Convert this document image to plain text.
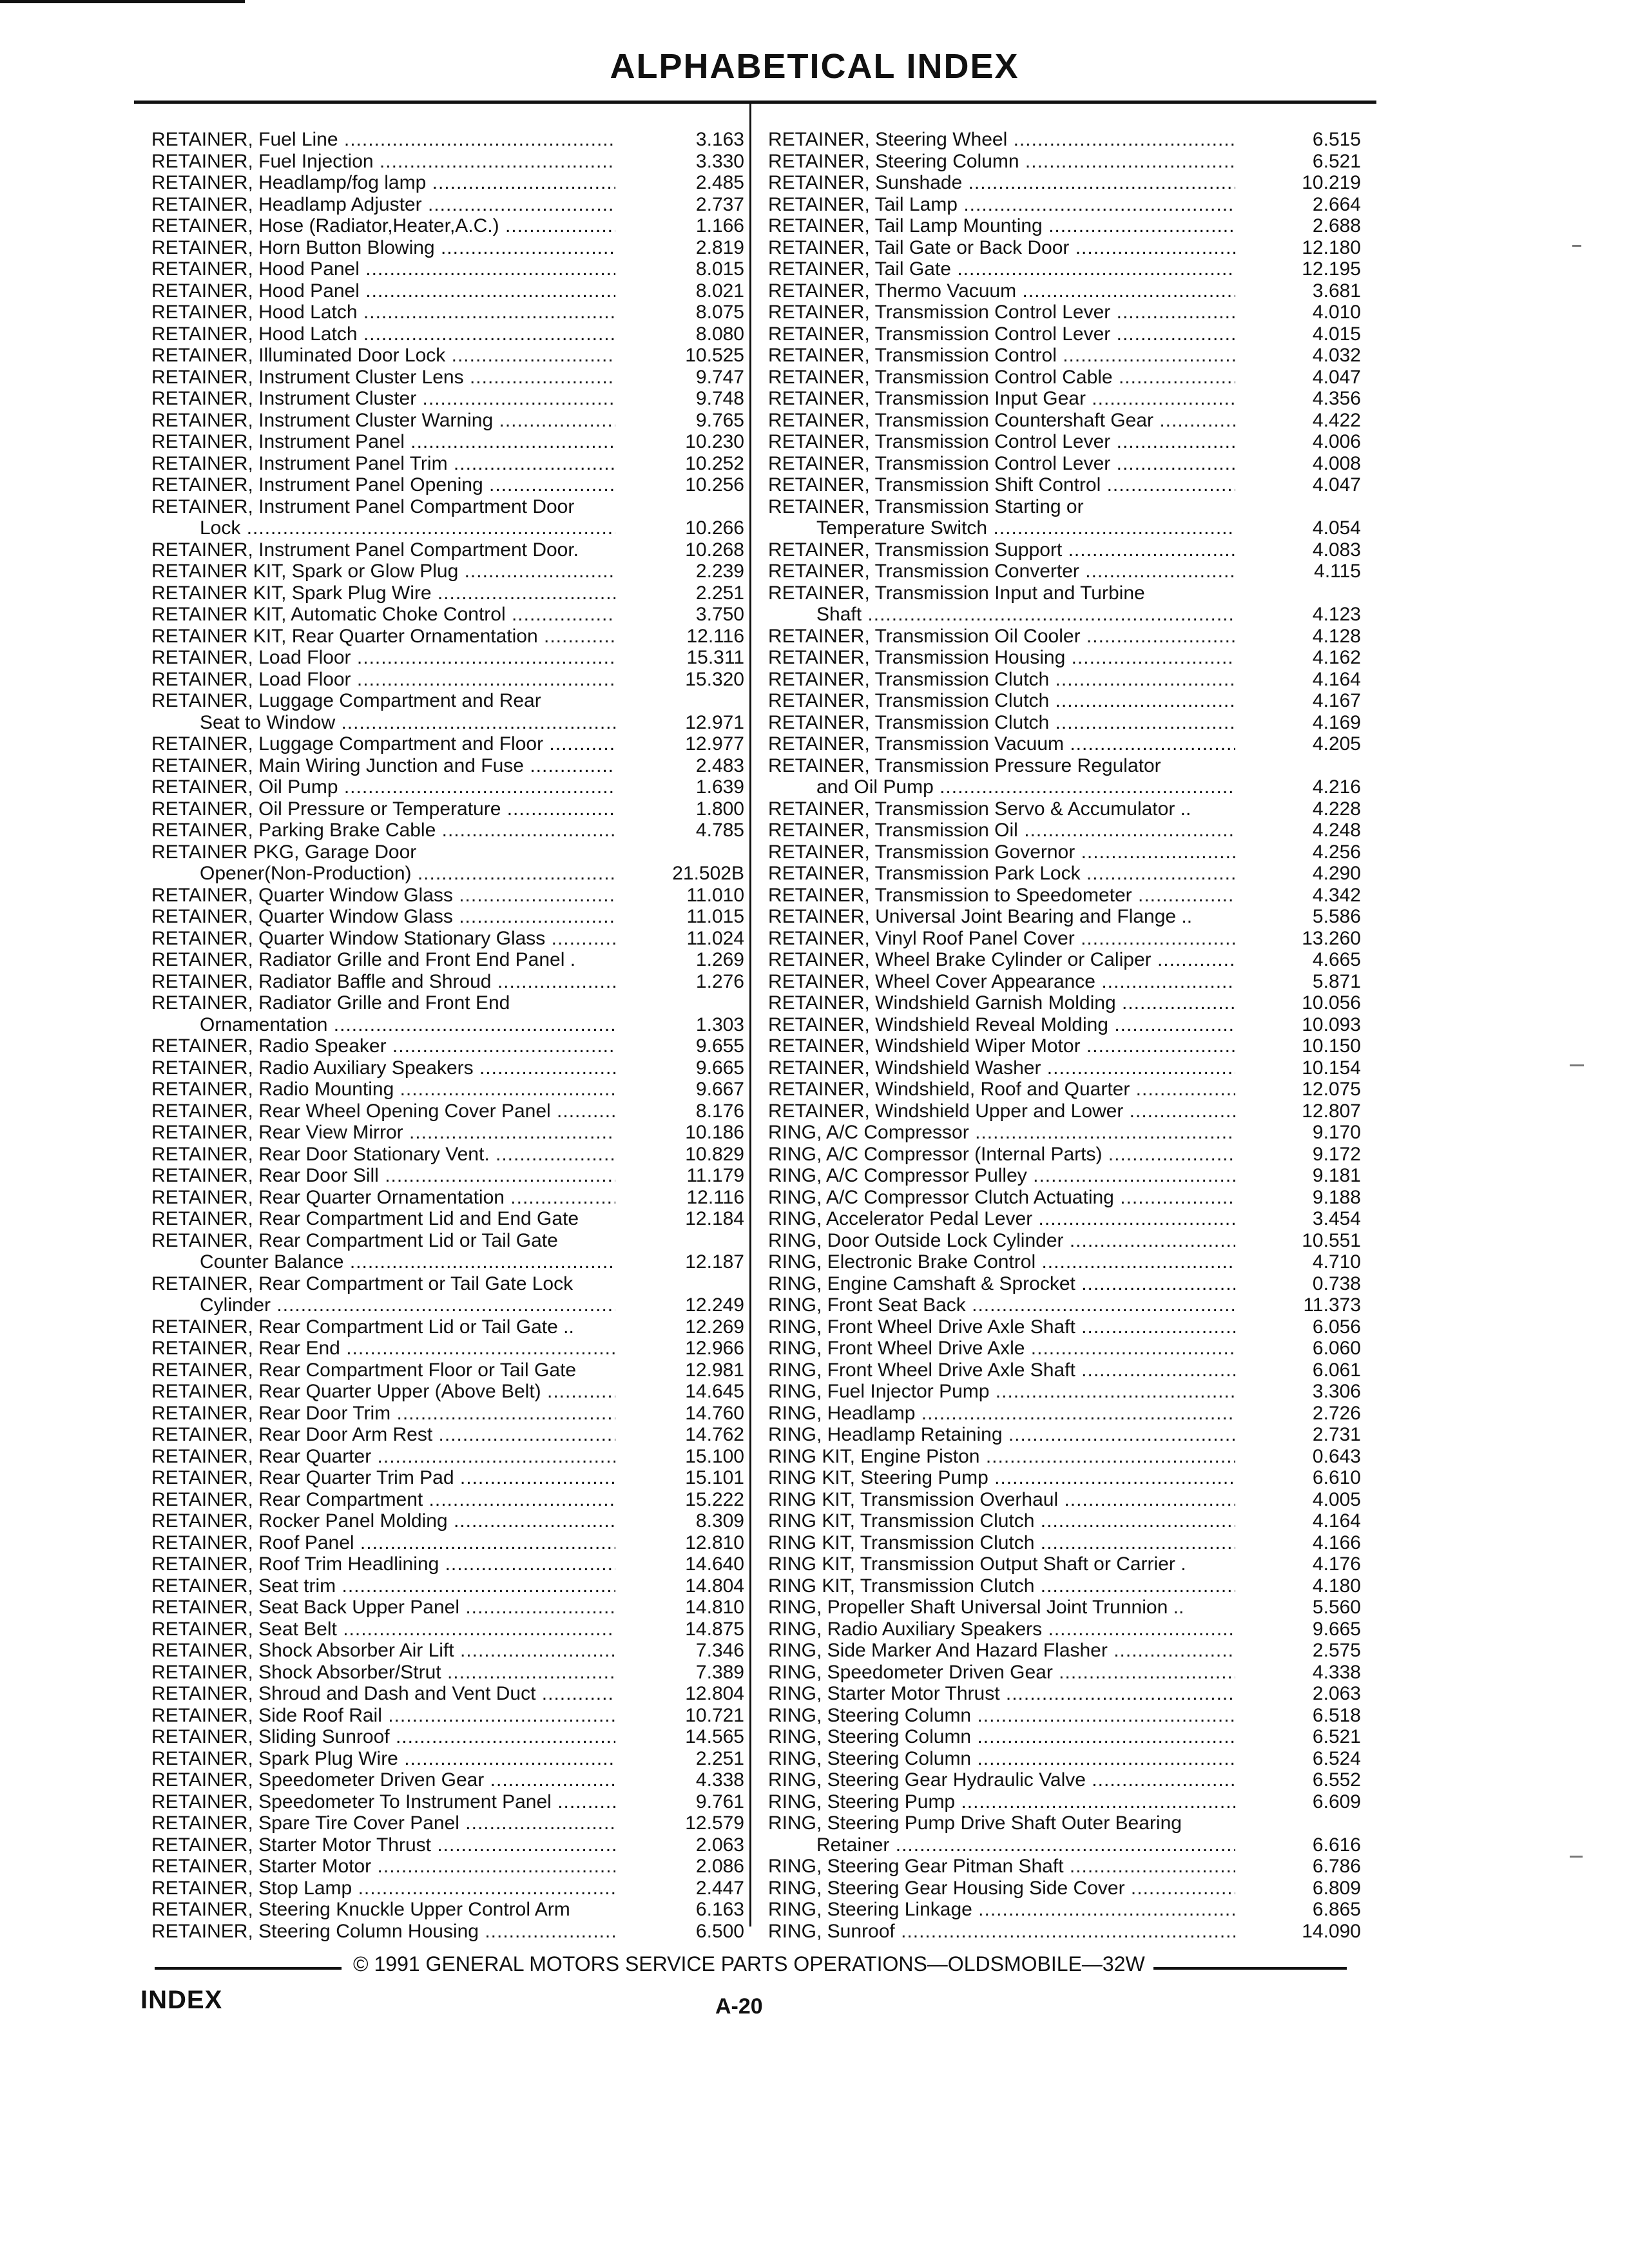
ALPHABETICAL INDEX
RETAINER, Fuel Line .....	3.163
RETAINER, Fuel Injection .....	3.330
RETAINER, Headlamp/fog lamp .....	2.485
RETAINER, Headlamp Adjuster .....	2.737
RETAINER, Hose (Radiator,Heater,A.C.) .....	1.166
RETAINER, Horn Button Blowing .....	2.819
RETAINER, Hood Panel .....	8.015
RETAINER, Hood Panel .....	8.021
RETAINER, Hood Latch .....	8.075
RETAINER, Hood Latch .....	8.080
RETAINER, Illuminated Door Lock .....	10.525
RETAINER, Instrument Cluster Lens .....	9.747
RETAINER, Instrument Cluster .....	9.748
RETAINER, Instrument Cluster Warning .....	9.765
RETAINER, Instrument Panel .....	10.230
RETAINER, Instrument Panel Trim .....	10.252
RETAINER, Instrument Panel Opening .....	10.256
RETAINER, Instrument Panel Compartment Door
Lock .....	10.266
RETAINER, Instrument Panel Compartment Door.	10.268
RETAINER KIT, Spark or Glow Plug .....	2.239
RETAINER KIT, Spark Plug Wire .....	2.251
RETAINER KIT, Automatic Choke Control .....	3.750
RETAINER KIT, Rear Quarter Ornamentation .....	12.116
RETAINER, Load Floor .....	15.311
RETAINER, Load Floor .....	15.320
RETAINER, Luggage Compartment and Rear
Seat to Window .....	12.971
RETAINER, Luggage Compartment and Floor .....	12.977
RETAINER, Main Wiring Junction and Fuse .....	2.483
RETAINER, Oil Pump .....	1.639
RETAINER, Oil Pressure or Temperature .....	1.800
RETAINER, Parking Brake Cable .....	4.785
RETAINER PKG, Garage Door
Opener(Non-Production) .....	21.502B
RETAINER, Quarter Window Glass .....	11.010
RETAINER, Quarter Window Glass .....	11.015
RETAINER, Quarter Window Stationary Glass .....	11.024
RETAINER, Radiator Grille and Front End Panel .	1.269
RETAINER, Radiator Baffle and Shroud .....	1.276
RETAINER, Radiator Grille and Front End
Ornamentation .....	1.303
RETAINER, Radio Speaker .....	9.655
RETAINER, Radio Auxiliary Speakers .....	9.665
RETAINER, Radio Mounting .....	9.667
RETAINER, Rear Wheel Opening Cover Panel .....	8.176
RETAINER, Rear View Mirror .....	10.186
RETAINER, Rear Door Stationary Vent. .....	10.829
RETAINER, Rear Door Sill .....	11.179
RETAINER, Rear Quarter Ornamentation .....	12.116
RETAINER, Rear Compartment Lid and End Gate	12.184
RETAINER, Rear Compartment Lid or Tail Gate
Counter Balance .....	12.187
RETAINER, Rear Compartment or Tail Gate Lock
Cylinder .....	12.249
RETAINER, Rear Compartment Lid or Tail Gate ..	12.269
RETAINER, Rear End .....	12.966
RETAINER, Rear Compartment Floor or Tail Gate	12.981
RETAINER, Rear Quarter Upper (Above Belt) .....	14.645
RETAINER, Rear Door Trim .....	14.760
RETAINER, Rear Door Arm Rest .....	14.762
RETAINER, Rear Quarter .....	15.100
RETAINER, Rear Quarter Trim Pad .....	15.101
RETAINER, Rear Compartment .....	15.222
RETAINER, Rocker Panel Molding .....	8.309
RETAINER, Roof Panel .....	12.810
RETAINER, Roof Trim Headlining .....	14.640
RETAINER, Seat trim .....	14.804
RETAINER, Seat Back Upper Panel .....	14.810
RETAINER, Seat Belt .....	14.875
RETAINER, Shock Absorber Air Lift .....	7.346
RETAINER, Shock Absorber/Strut .....	7.389
RETAINER, Shroud and Dash and Vent Duct .....	12.804
RETAINER, Side Roof Rail .....	10.721
RETAINER, Sliding Sunroof .....	14.565
RETAINER, Spark Plug Wire .....	2.251
RETAINER, Speedometer Driven Gear .....	4.338
RETAINER, Speedometer To Instrument Panel .....	9.761
RETAINER, Spare Tire Cover Panel .....	12.579
RETAINER, Starter Motor Thrust .....	2.063
RETAINER, Starter Motor .....	2.086
RETAINER, Stop Lamp .....	2.447
RETAINER, Steering Knuckle Upper Control Arm	6.163
RETAINER, Steering Column Housing .....	6.500
RETAINER, Steering Wheel .....	6.515
RETAINER, Steering Column .....	6.521
RETAINER, Sunshade .....	10.219
RETAINER, Tail Lamp .....	2.664
RETAINER, Tail Lamp Mounting .....	2.688
RETAINER, Tail Gate or Back Door .....	12.180
RETAINER, Tail Gate .....	12.195
RETAINER, Thermo Vacuum .....	3.681
RETAINER, Transmission Control Lever .....	4.010
RETAINER, Transmission Control Lever .....	4.015
RETAINER, Transmission Control .....	4.032
RETAINER, Transmission Control Cable .....	4.047
RETAINER, Transmission Input Gear .....	4.356
RETAINER, Transmission Countershaft Gear .....	4.422
RETAINER, Transmission Control Lever .....	4.006
RETAINER, Transmission Control Lever .....	4.008
RETAINER, Transmission Shift Control .....	4.047
RETAINER, Transmission Starting or
Temperature Switch .....	4.054
RETAINER, Transmission Support .....	4.083
RETAINER, Transmission Converter .....	4.115
RETAINER, Transmission Input and Turbine
Shaft .....	4.123
RETAINER, Transmission Oil Cooler .....	4.128
RETAINER, Transmission Housing .....	4.162
RETAINER, Transmission Clutch .....	4.164
RETAINER, Transmission Clutch .....	4.167
RETAINER, Transmission Clutch .....	4.169
RETAINER, Transmission Vacuum .....	4.205
RETAINER, Transmission Pressure Regulator
and Oil Pump .....	4.216
RETAINER, Transmission Servo & Accumulator ..	4.228
RETAINER, Transmission Oil .....	4.248
RETAINER, Transmission Governor .....	4.256
RETAINER, Transmission Park Lock .....	4.290
RETAINER, Transmission to Speedometer .....	4.342
RETAINER, Universal Joint Bearing and Flange ..	5.586
RETAINER, Vinyl Roof Panel Cover .....	13.260
RETAINER, Wheel Brake Cylinder or Caliper .....	4.665
RETAINER, Wheel Cover Appearance .....	5.871
RETAINER, Windshield Garnish Molding .....	10.056
RETAINER, Windshield Reveal Molding .....	10.093
RETAINER, Windshield Wiper Motor .....	10.150
RETAINER, Windshield Washer .....	10.154
RETAINER, Windshield, Roof and Quarter .....	12.075
RETAINER, Windshield Upper and Lower .....	12.807
RING, A/C Compressor .....	9.170
RING, A/C Compressor (Internal Parts) .....	9.172
RING, A/C Compressor Pulley .....	9.181
RING, A/C Compressor Clutch Actuating .....	9.188
RING, Accelerator Pedal Lever .....	3.454
RING, Door Outside Lock Cylinder .....	10.551
RING, Electronic Brake Control .....	4.710
RING, Engine Camshaft & Sprocket .....	0.738
RING, Front Seat Back .....	11.373
RING, Front Wheel Drive Axle Shaft .....	6.056
RING, Front Wheel Drive Axle .....	6.060
RING, Front Wheel Drive Axle Shaft .....	6.061
RING, Fuel Injector Pump .....	3.306
RING, Headlamp .....	2.726
RING, Headlamp Retaining .....	2.731
RING KIT, Engine Piston .....	0.643
RING KIT, Steering Pump .....	6.610
RING KIT, Transmission Overhaul .....	4.005
RING KIT, Transmission Clutch .....	4.164
RING KIT, Transmission Clutch .....	4.166
RING KIT, Transmission Output Shaft or Carrier .	4.176
RING KIT, Transmission Clutch .....	4.180
RING, Propeller Shaft Universal Joint Trunnion ..	5.560
RING, Radio Auxiliary Speakers .....	9.665
RING, Side Marker And Hazard Flasher .....	2.575
RING, Speedometer Driven Gear .....	4.338
RING, Starter Motor Thrust .....	2.063
RING, Steering Column .....	6.518
RING, Steering Column .....	6.521
RING, Steering Column .....	6.524
RING, Steering Gear Hydraulic Valve .....	6.552
RING, Steering Pump .....	6.609
RING, Steering Pump Drive Shaft Outer Bearing
Retainer .....	6.616
RING, Steering Gear Pitman Shaft .....	6.786
RING, Steering Gear Housing Side Cover .....	6.809
RING, Steering Linkage .....	6.865
RING, Sunroof .....	14.090
© 1991 GENERAL MOTORS SERVICE PARTS OPERATIONS—OLDSMOBILE—32W
INDEX	A-20
